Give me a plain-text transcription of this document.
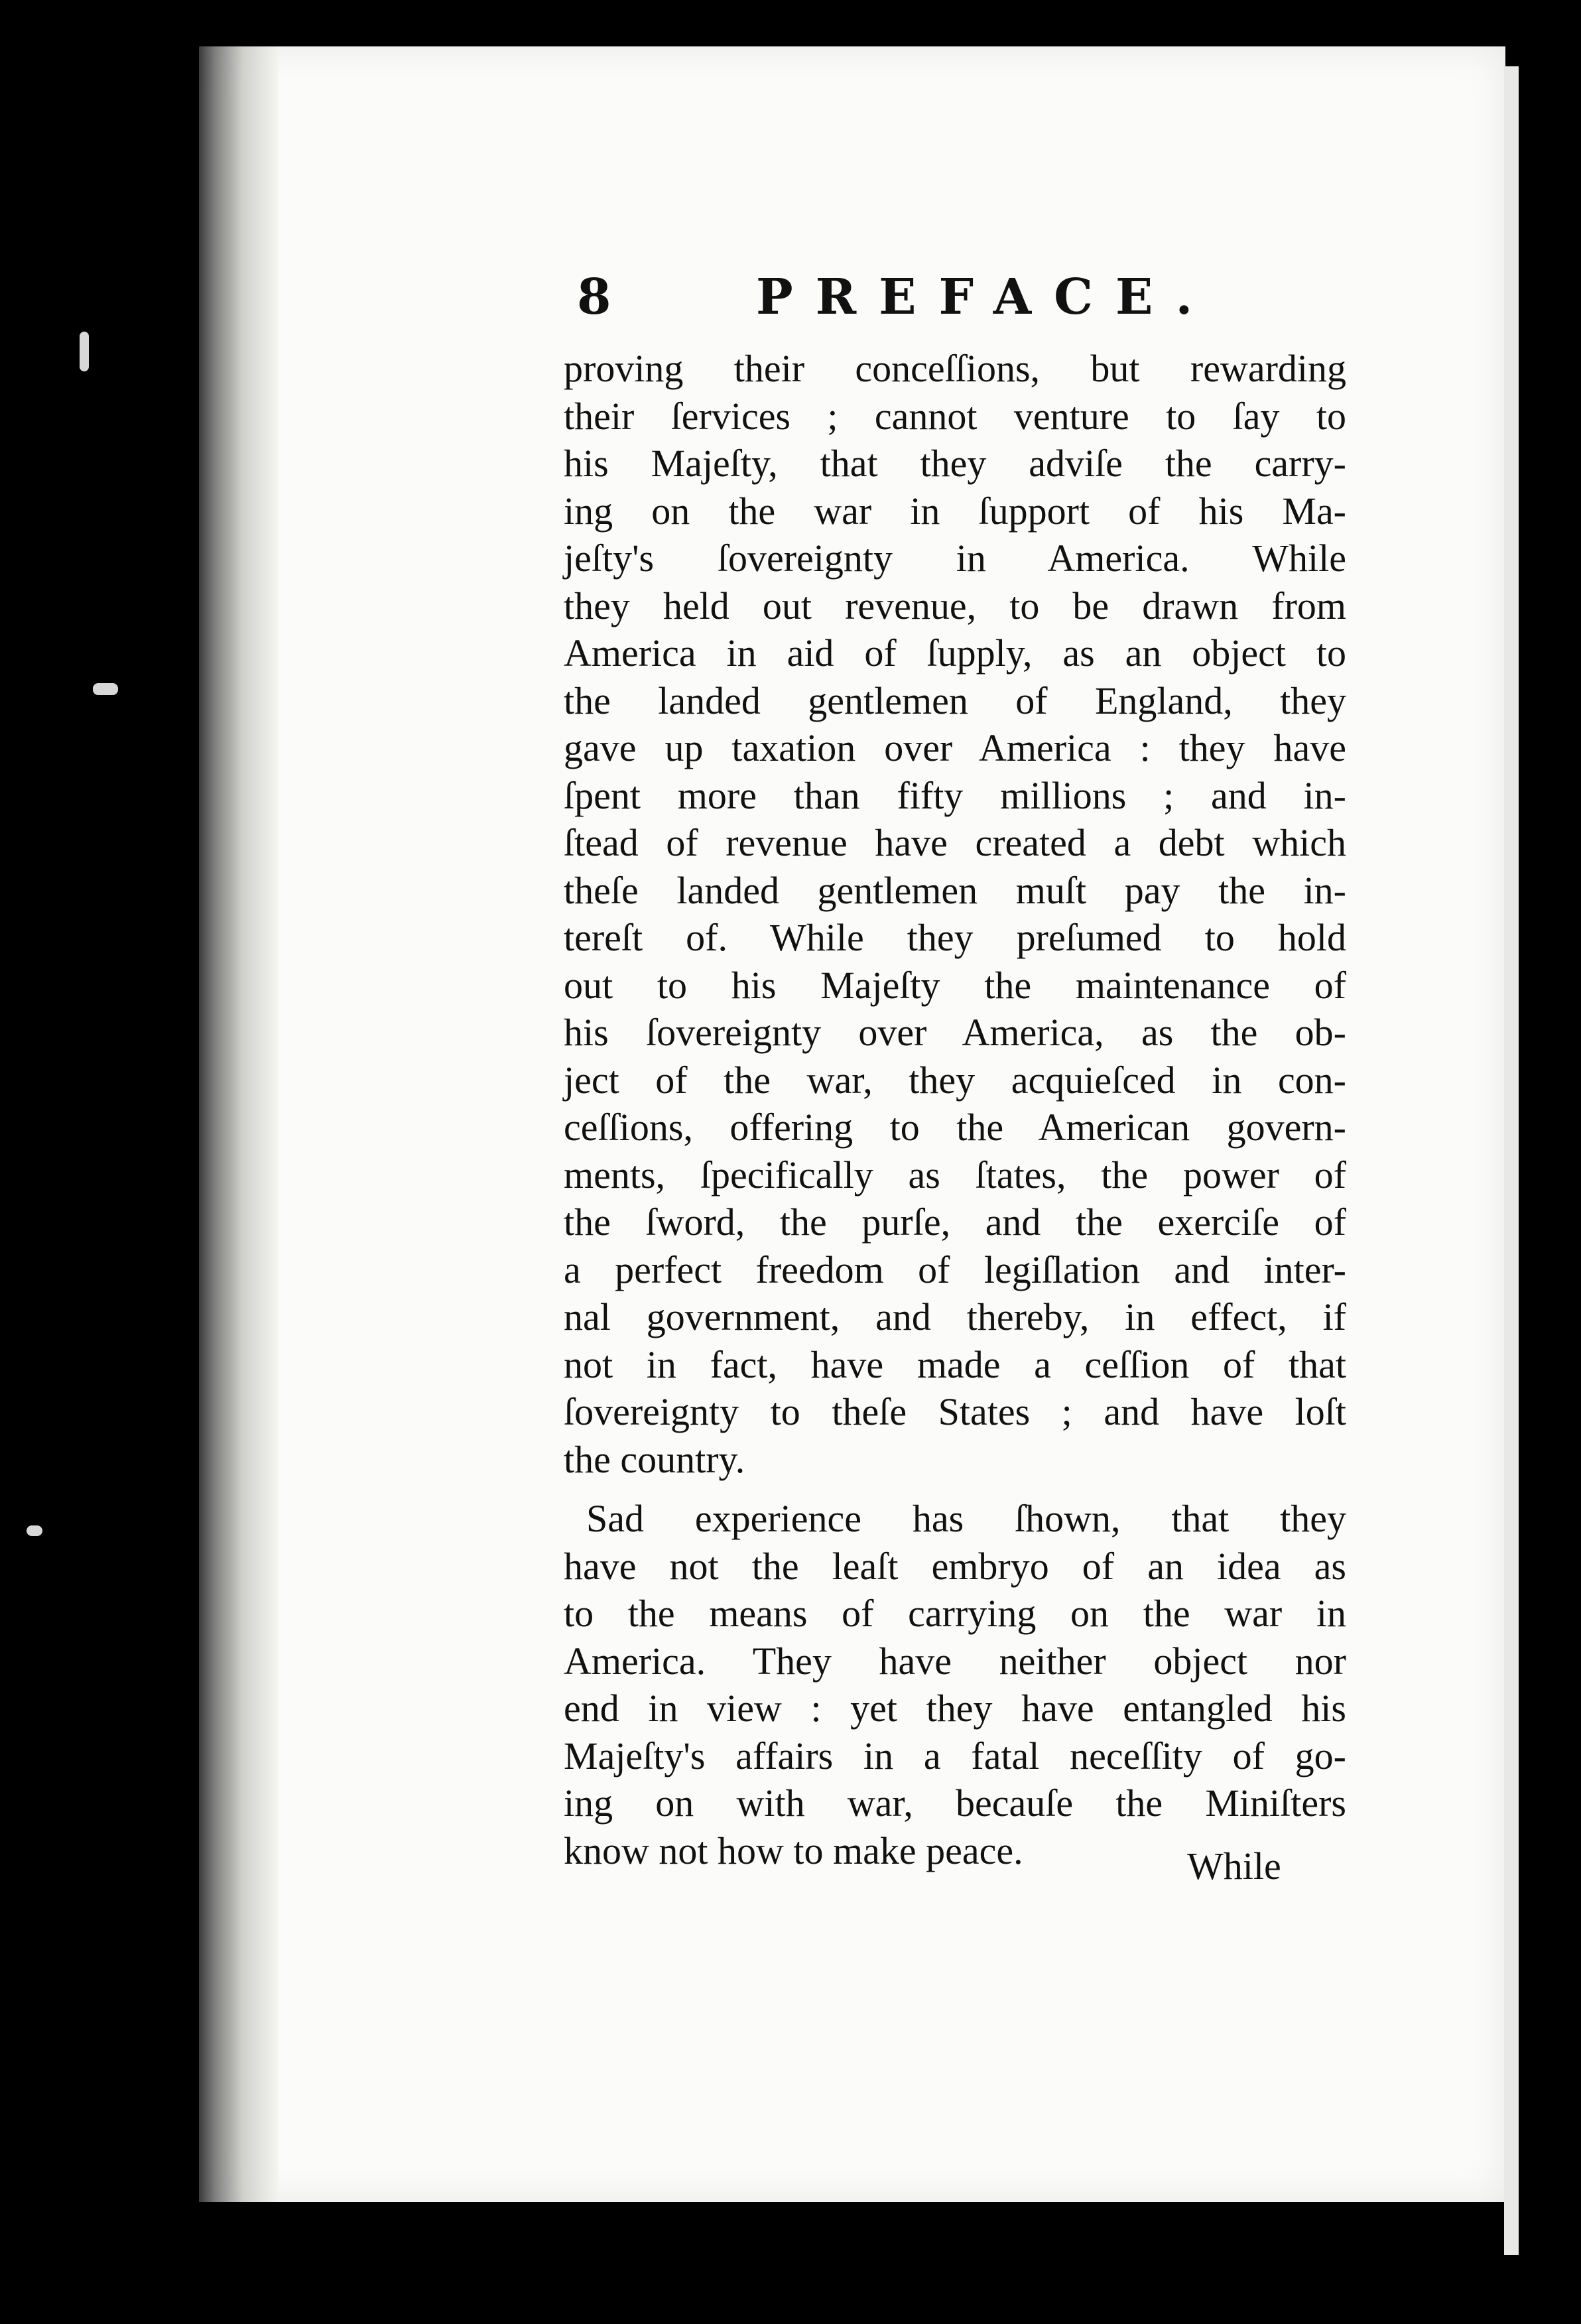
8	PREFACE.
proving their conceſſions, but rewarding
their ſervices ; cannot venture to ſay to
his Majeſty, that they adviſe the carry-
ing on the war in ſupport of his Ma-
jeſty's ſovereignty in America. While
they held out revenue, to be drawn from
America in aid of ſupply, as an object to
the landed gentlemen of England, they
gave up taxation over America : they have
ſpent more than fifty millions ; and in-
ſtead of revenue have created a debt which
theſe landed gentlemen muſt pay the in-
tereſt of. While they preſumed to hold
out to his Majeſty the maintenance of
his ſovereignty over America, as the ob-
ject of the war, they acquieſced in con-
ceſſions, offering to the American govern-
ments, ſpecifically as ſtates, the power of
the ſword, the purſe, and the exerciſe of
a perfect freedom of legiſlation and inter-
nal government, and thereby, in effect, if
not in fact, have made a ceſſion of that
ſovereignty to theſe States ; and have loſt
the country.
Sad experience has ſhown, that they
have not the leaſt embryo of an idea as
to the means of carrying on the war in
America. They have neither object nor
end in view : yet they have entangled his
Majeſty's affairs in a fatal neceſſity of go-
ing on with war, becauſe the Miniſters
know not how to make peace.	While
